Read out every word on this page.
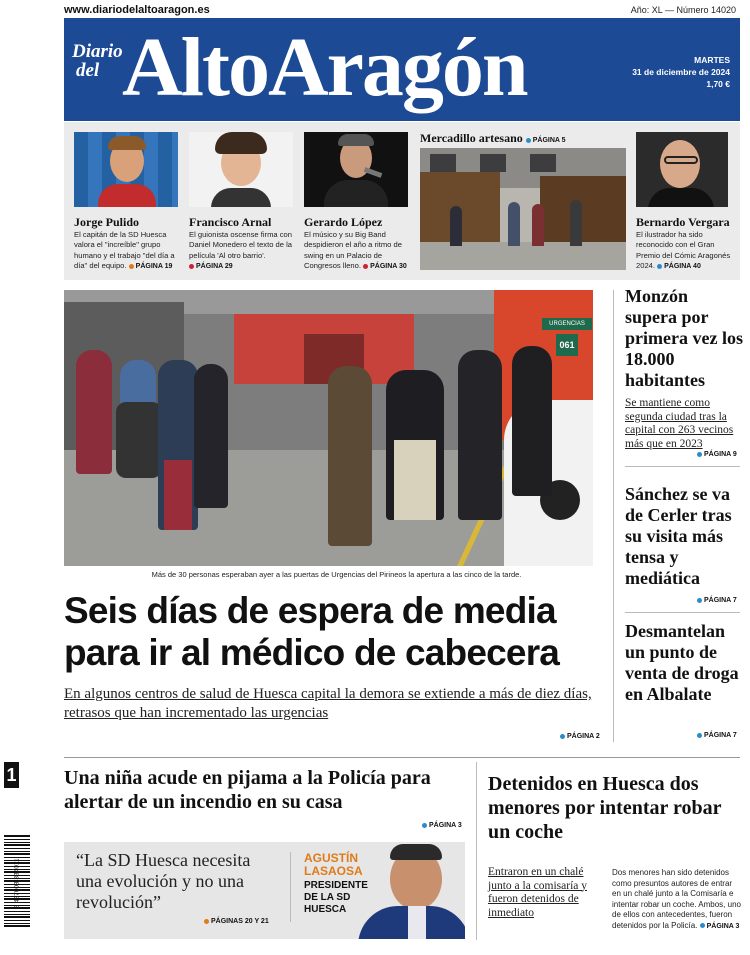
www.diariodelaltoaragon.es	Año: XL — Número 14020
Diario
del AltoAragón	MARTES
31 de diciembre de 2024
1,70 €
Jorge Pulido
El capitán de la SD Huesca valora el "increíble" grupo humano y el trabajo "del día a día" del equipo. PÁGINA 19
Francisco Arnal
El guionista oscense firma con Daniel Monedero el texto de la película 'Al otro barrio'. PÁGINA 29
Gerardo López
El músico y su Big Band despidieron el año a ritmo de swing en un Palacio de Congresos lleno. PÁGINA 30
Mercadillo artesano PÁGINA 5
Bernardo Vergara
El ilustrador ha sido reconocido con el Gran Premio del Cómic Aragonés 2024. PÁGINA 40
URGENCIAS
061
Más de 30 personas esperaban ayer a las puertas de Urgencias del Pirineos la apertura a las cinco de la tarde.
Seis días de espera de media para ir al médico de cabecera
En algunos centros de salud de Huesca capital la demora se extiende a más de diez días, retrasos que han incrementado las urgencias
PÁGINA 2
Monzón supera por primera vez los 18.000 habitantes
Se mantiene como segunda ciudad tras la capital con 263 vecinos más que en 2023
PÁGINA 9
Sánchez se va de Cerler tras su visita más tensa y mediática
PÁGINA 7
Desmantelan un punto de venta de droga en Albalate
PÁGINA 7
1 Una niña acude en pijama a la Policía para alertar de un incendio en su casa
PÁGINA 3
“La SD Huesca necesita una evolución y no una revolución”
PÁGINAS 20 Y 21
AGUSTÍN LASAOSA
PRESIDENTE DE LA SD HUESCA
Detenidos en Huesca dos menores por intentar robar un coche
Entraron en un chalé junto a la comisaría y fueron detenidos de inmediato
Dos menores han sido detenidos como presuntos autores de entrar en un chalé junto a la Comisaría e intentar robar un coche. Ambos, uno de ellos con antecedentes, fueron detenidos por la Policía. PÁGINA 3
8 437008 334011
